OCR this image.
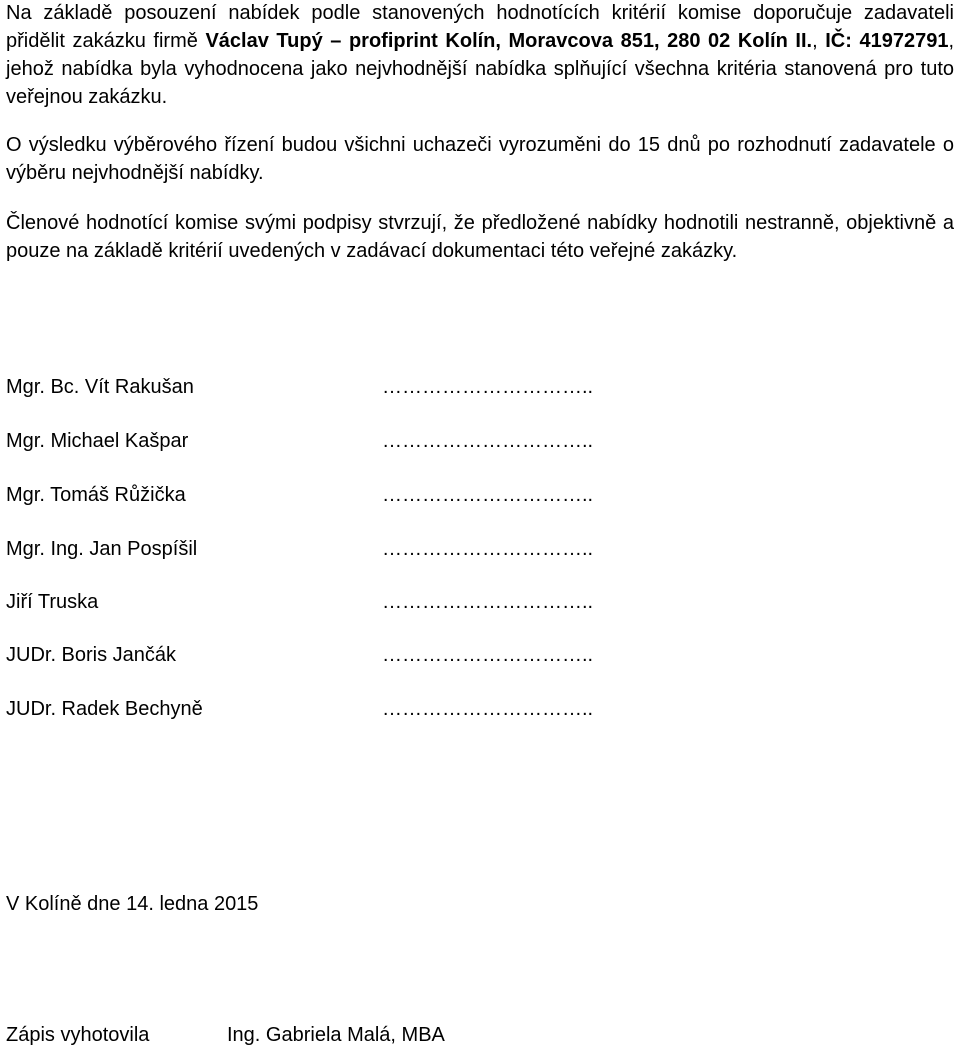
Na základě posouzení nabídek podle stanovených hodnotících kritérií komise doporučuje zadavateli přidělit zakázku firmě Václav Tupý – profiprint Kolín, Moravcova 851, 280 02 Kolín II., IČ: 41972791, jehož nabídka byla vyhodnocena jako nejvhodnější nabídka splňující všechna kritéria stanovená pro tuto veřejnou zakázku.

O výsledku výběrového řízení budou všichni uchazeči vyrozuměni do 15 dnů po rozhodnutí zadavatele o výběru nejvhodnější nabídky.

Členové hodnotící komise svými podpisy stvrzují, že předložené nabídky hodnotili nestranně, objektivně a pouze na základě kritérií uvedených v zadávací dokumentaci této veřejné zakázky.

Mgr. Bc. Vít Rakušan	…………………………..
Mgr. Michael Kašpar	…………………………..
Mgr. Tomáš Růžička	…………………………..
Mgr. Ing. Jan Pospíšil	…………………………..
Jiří Truska	…………………………..
JUDr. Boris Jančák	…………………………..
JUDr. Radek Bechyně	…………………………..
V Kolíně dne 14. ledna 2015
Zápis vyhotovila	Ing. Gabriela Malá, MBA
